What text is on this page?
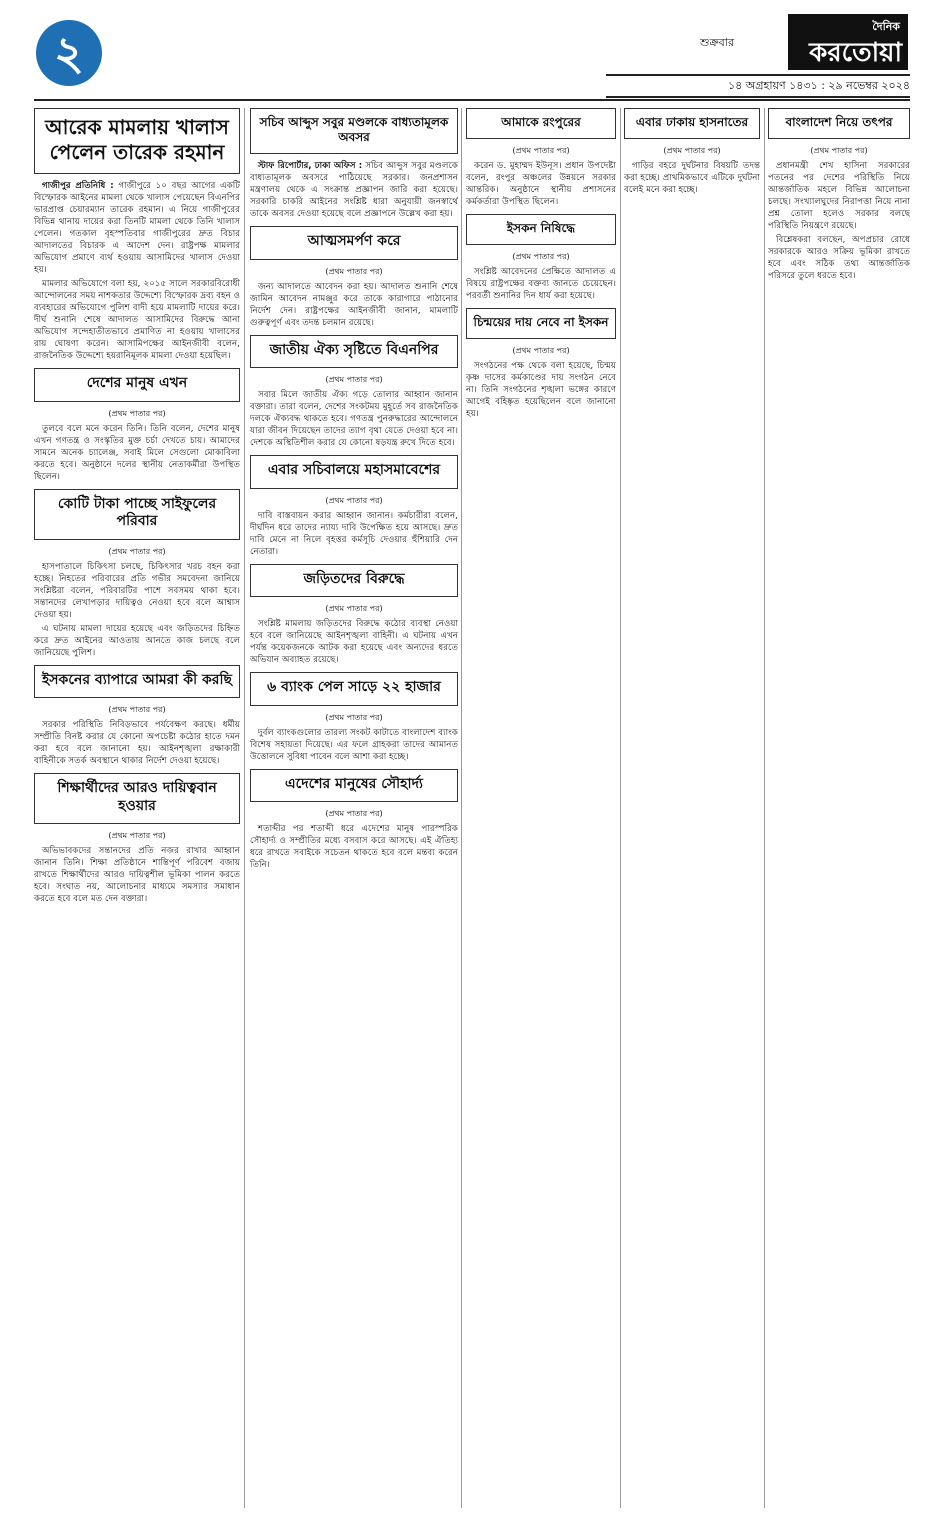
২	শুক্রবার
দৈনিক
করতোয়া
১৪ অগ্রহায়ণ ১৪৩১ : ২৯ নভেম্বর ২০২৪
আরেক মামলায় খালাস পেলেন তারেক রহমান

গাজীপুর প্রতিনিধি : গাজীপুরে ১০ বছর আগের একটি বিস্ফোরক আইনের মামলা থেকে খালাস পেয়েছেন বিএনপির ভারপ্রাপ্ত চেয়ারম্যান তারেক রহমান। এ নিয়ে গাজীপুরের বিভিন্ন থানায় দায়ের করা তিনটি মামলা থেকে তিনি খালাস পেলেন। গতকাল বৃহস্পতিবার গাজীপুরের দ্রুত বিচার আদালতের বিচারক এ আদেশ দেন। রাষ্ট্রপক্ষ মামলার অভিযোগ প্রমাণে ব্যর্থ হওয়ায় আসামিদের খালাস দেওয়া হয়।

মামলার অভিযোগে বলা হয়, ২০১৫ সালে সরকারবিরোধী আন্দোলনের সময় নাশকতার উদ্দেশ্যে বিস্ফোরক দ্রব্য বহন ও ব্যবহারের অভিযোগে পুলিশ বাদী হয়ে মামলাটি দায়ের করে। দীর্ঘ শুনানি শেষে আদালত আসামিদের বিরুদ্ধে আনা অভিযোগ সন্দেহাতীতভাবে প্রমাণিত না হওয়ায় খালাসের রায় ঘোষণা করেন। আসামিপক্ষের আইনজীবী বলেন, রাজনৈতিক উদ্দেশ্যে হয়রানিমূলক মামলা দেওয়া হয়েছিল।

দেশের মানুষ এখন
(প্রথম পাতার পর)

তুলবে বলে মনে করেন তিনি। তিনি বলেন, দেশের মানুষ এখন গণতন্ত্র ও সংস্কৃতির মুক্ত চর্চা দেখতে চায়। আমাদের সামনে অনেক চ্যালেঞ্জ, সবাই মিলে সেগুলো মোকাবিলা করতে হবে। অনুষ্ঠানে দলের স্থানীয় নেতাকর্মীরা উপস্থিত ছিলেন।

কোটি টাকা পাচ্ছে সাইফুলের পরিবার
(প্রথম পাতার পর)

হাসপাতালে চিকিৎসা চলছে, চিকিৎসার খরচ বহন করা হচ্ছে। নিহতের পরিবারের প্রতি গভীর সমবেদনা জানিয়ে সংশ্লিষ্টরা বলেন, পরিবারটির পাশে সবসময় থাকা হবে। সন্তানদের লেখাপড়ার দায়িত্বও নেওয়া হবে বলে আশ্বাস দেওয়া হয়।

এ ঘটনায় মামলা দায়ের হয়েছে এবং জড়িতদের চিহ্নিত করে দ্রুত আইনের আওতায় আনতে কাজ চলছে বলে জানিয়েছে পুলিশ।

ইসকনের ব্যাপারে আমরা কী করছি
(প্রথম পাতার পর)

সরকার পরিস্থিতি নিবিড়ভাবে পর্যবেক্ষণ করছে। ধর্মীয় সম্প্রীতি বিনষ্ট করার যে কোনো অপচেষ্টা কঠোর হাতে দমন করা হবে বলে জানানো হয়। আইনশৃঙ্খলা রক্ষাকারী বাহিনীকে সতর্ক অবস্থানে থাকার নির্দেশ দেওয়া হয়েছে।

শিক্ষার্থীদের আরও দায়িত্ববান হওয়ার
(প্রথম পাতার পর)

অভিভাবকদের সন্তানদের প্রতি নজর রাখার আহ্বান জানান তিনি। শিক্ষা প্রতিষ্ঠানে শান্তিপূর্ণ পরিবেশ বজায় রাখতে শিক্ষার্থীদের আরও দায়িত্বশীল ভূমিকা পালন করতে হবে। সংঘাত নয়, আলোচনার মাধ্যমে সমস্যার সমাধান করতে হবে বলে মত দেন বক্তারা।

সচিব আব্দুস সবুর মণ্ডলকে বাধ্যতামূলক অবসর

স্টাফ রিপোর্টার, ঢাকা অফিস : সচিব আব্দুস সবুর মণ্ডলকে বাধ্যতামূলক অবসরে পাঠিয়েছে সরকার। জনপ্রশাসন মন্ত্রণালয় থেকে এ সংক্রান্ত প্রজ্ঞাপন জারি করা হয়েছে। সরকারি চাকরি আইনের সংশ্লিষ্ট ধারা অনুযায়ী জনস্বার্থে তাকে অবসর দেওয়া হয়েছে বলে প্রজ্ঞাপনে উল্লেখ করা হয়।

আত্মসমর্পণ করে
(প্রথম পাতার পর)

জন্য আদালতে আবেদন করা হয়। আদালত শুনানি শেষে জামিন আবেদন নামঞ্জুর করে তাকে কারাগারে পাঠানোর নির্দেশ দেন। রাষ্ট্রপক্ষের আইনজীবী জানান, মামলাটি গুরুত্বপূর্ণ এবং তদন্ত চলমান রয়েছে।

জাতীয় ঐক্য সৃষ্টিতে বিএনপির
(প্রথম পাতার পর)

সবার মিলে জাতীয় ঐক্য গড়ে তোলার আহ্বান জানান বক্তারা। তারা বলেন, দেশের সংকটময় মুহূর্তে সব রাজনৈতিক দলকে ঐক্যবদ্ধ থাকতে হবে। গণতন্ত্র পুনরুদ্ধারের আন্দোলনে যারা জীবন দিয়েছেন তাদের ত্যাগ বৃথা যেতে দেওয়া হবে না। দেশকে অস্থিতিশীল করার যে কোনো ষড়যন্ত্র রুখে দিতে হবে।

এবার সচিবালয়ে মহাসমাবেশের
(প্রথম পাতার পর)

দাবি বাস্তবায়ন করার আহ্বান জানান। কর্মচারীরা বলেন, দীর্ঘদিন ধরে তাদের ন্যায্য দাবি উপেক্ষিত হয়ে আসছে। দ্রুত দাবি মেনে না নিলে বৃহত্তর কর্মসূচি দেওয়ার হুঁশিয়ারি দেন নেতারা।

জড়িতদের বিরুদ্ধে
(প্রথম পাতার পর)

সংশ্লিষ্ট মামলায় জড়িতদের বিরুদ্ধে কঠোর ব্যবস্থা নেওয়া হবে বলে জানিয়েছে আইনশৃঙ্খলা বাহিনী। এ ঘটনায় এখন পর্যন্ত কয়েকজনকে আটক করা হয়েছে এবং অন্যদের ধরতে অভিযান অব্যাহত রয়েছে।

৬ ব্যাংক পেল সাড়ে ২২ হাজার
(প্রথম পাতার পর)

দুর্বল ব্যাংকগুলোর তারল্য সংকট কাটাতে বাংলাদেশ ব্যাংক বিশেষ সহায়তা দিয়েছে। এর ফলে গ্রাহকরা তাদের আমানত উত্তোলনে সুবিধা পাবেন বলে আশা করা হচ্ছে।

এদেশের মানুষের সৌহার্দ্য
(প্রথম পাতার পর)

শতাব্দীর পর শতাব্দী ধরে এদেশের মানুষ পারস্পরিক সৌহার্দ্য ও সম্প্রীতির মধ্যে বসবাস করে আসছে। এই ঐতিহ্য ধরে রাখতে সবাইকে সচেতন থাকতে হবে বলে মন্তব্য করেন তিনি।

আমাকে রংপুরের
(প্রথম পাতার পর)

করেন ড. মুহাম্মদ ইউনূস। প্রধান উপদেষ্টা বলেন, রংপুর অঞ্চলের উন্নয়নে সরকার আন্তরিক। অনুষ্ঠানে স্থানীয় প্রশাসনের কর্মকর্তারা উপস্থিত ছিলেন।

ইসকন নিষিদ্ধে
(প্রথম পাতার পর)

সংশ্লিষ্ট আবেদনের প্রেক্ষিতে আদালত এ বিষয়ে রাষ্ট্রপক্ষের বক্তব্য জানতে চেয়েছেন। পরবর্তী শুনানির দিন ধার্য করা হয়েছে।

চিন্ময়ের দায় নেবে না ইসকন
(প্রথম পাতার পর)

সংগঠনের পক্ষ থেকে বলা হয়েছে, চিন্ময় কৃষ্ণ দাসের কর্মকাণ্ডের দায় সংগঠন নেবে না। তিনি সংগঠনের শৃঙ্খলা ভঙ্গের কারণে আগেই বহিষ্কৃত হয়েছিলেন বলে জানানো হয়।

এবার ঢাকায় হাসনাতের
(প্রথম পাতার পর)

গাড়ির বহরে দুর্ঘটনার বিষয়টি তদন্ত করা হচ্ছে। প্রাথমিকভাবে এটিকে দুর্ঘটনা বলেই মনে করা হচ্ছে।

বাংলাদেশ নিয়ে তৎপর
(প্রথম পাতার পর)

প্রধানমন্ত্রী শেখ হাসিনা সরকারের পতনের পর দেশের পরিস্থিতি নিয়ে আন্তর্জাতিক মহলে বিভিন্ন আলোচনা চলছে। সংখ্যালঘুদের নিরাপত্তা নিয়ে নানা প্রশ্ন তোলা হলেও সরকার বলছে পরিস্থিতি নিয়ন্ত্রণে রয়েছে।

বিশ্লেষকরা বলছেন, অপপ্রচার রোধে সরকারকে আরও সক্রিয় ভূমিকা রাখতে হবে এবং সঠিক তথ্য আন্তর্জাতিক পরিসরে তুলে ধরতে হবে।
